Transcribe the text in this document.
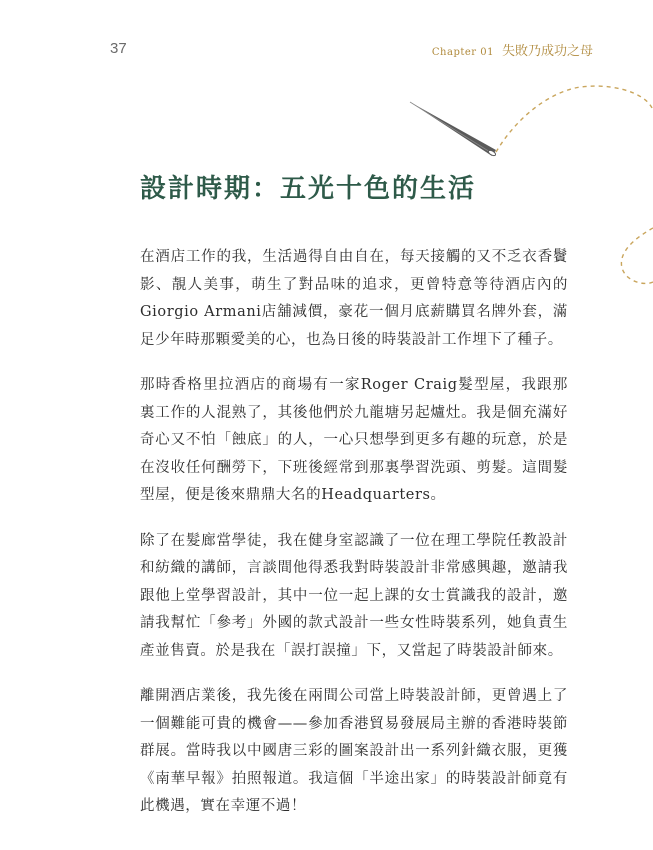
37	Chapter 01 失敗乃成功之母
設計時期：五光十色的生活

在酒店工作的我，生活過得自由自在，每天接觸的又不乏衣香鬢影、靚人美事，萌生了對品味的追求，更曾特意等待酒店內的Giorgio Armani店舖減價，豪花一個月底薪購買名牌外套，滿足少年時那顆愛美的心，也為日後的時裝設計工作埋下了種子。

那時香格里拉酒店的商場有一家Roger Craig髮型屋，我跟那裏工作的人混熟了，其後他們於九龍塘另起爐灶。我是個充滿好奇心又不怕「蝕底」的人，一心只想學到更多有趣的玩意，於是在沒收任何酬勞下，下班後經常到那裏學習洗頭、剪髮。這間髮型屋，便是後來鼎鼎大名的Headquarters。

除了在髮廊當學徒，我在健身室認識了一位在理工學院任教設計和紡織的講師，言談間他得悉我對時裝設計非常感興趣，邀請我跟他上堂學習設計，其中一位一起上課的女士賞識我的設計，邀請我幫忙「參考」外國的款式設計一些女性時裝系列，她負責生產並售賣。於是我在「誤打誤撞」下，又當起了時裝設計師來。

離開酒店業後，我先後在兩間公司當上時裝設計師，更曾遇上了一個難能可貴的機會——參加香港貿易發展局主辦的香港時裝節群展。當時我以中國唐三彩的圖案設計出一系列針織衣服，更獲《南華早報》拍照報道。我這個「半途出家」的時裝設計師竟有此機遇，實在幸運不過！
